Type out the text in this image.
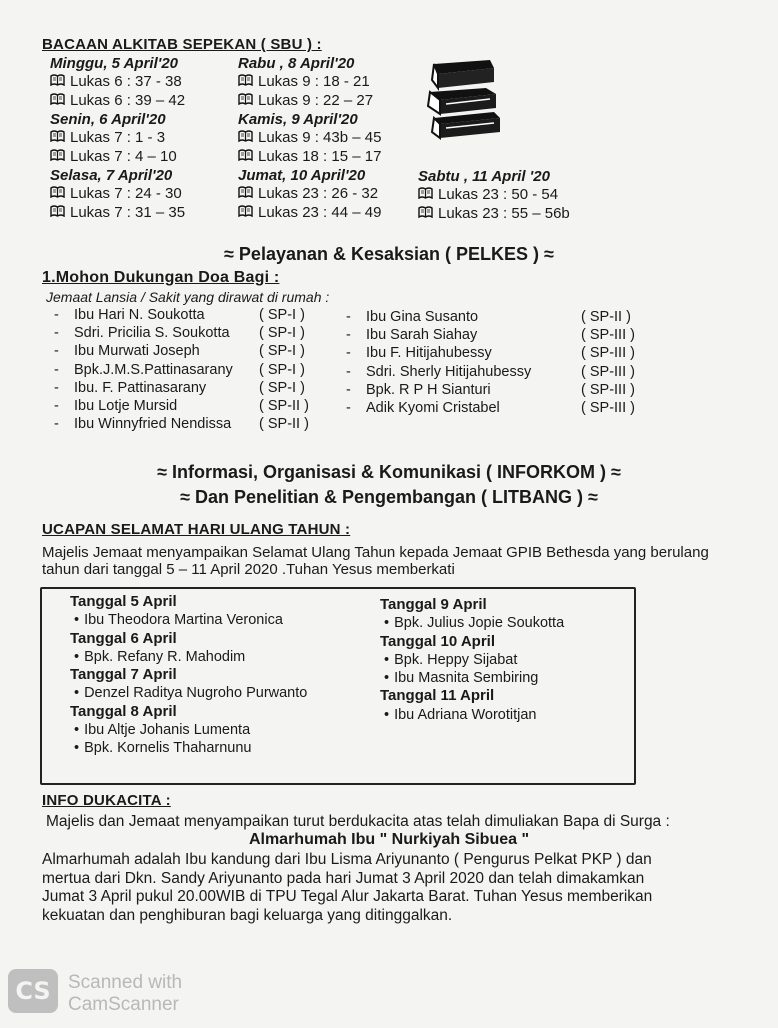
BACAAN ALKITAB SEPEKAN ( SBU ) :
Minggu, 5 April'20
Lukas 6 : 37 - 38
Lukas 6 : 39 – 42
Senin, 6 April'20
Lukas 7 : 1 - 3
Lukas 7 : 4 – 10
Selasa, 7 April'20
Lukas 7 : 24 - 30
Lukas 7 : 31 – 35
Rabu , 8 April'20
Lukas 9 : 18 - 21
Lukas 9 : 22 – 27
Kamis, 9 April'20
Lukas 9 : 43b – 45
Lukas 18 : 15 – 17
Jumat, 10 April'20
Lukas 23 : 26 - 32
Lukas 23 : 44 – 49
Sabtu , 11 April '20
Lukas 23 : 50 - 54
Lukas 23 : 55 – 56b
≈ Pelayanan & Kesaksian ( PELKES ) ≈
1.Mohon Dukungan Doa Bagi :
Jemaat Lansia / Sakit yang dirawat di rumah :
-	Ibu Hari N. Soukotta	( SP-I )
-	Sdri. Pricilia S. Soukotta	( SP-I )
-	Ibu Murwati Joseph	( SP-I )
-	Bpk.J.M.S.Pattinasarany	( SP-I )
-	Ibu. F. Pattinasarany	( SP-I )
-	Ibu Lotje Mursid	( SP-II )
-	Ibu Winnyfried Nendissa	( SP-II )
-	Ibu Gina Susanto	( SP-II )
-	Ibu Sarah Siahay	( SP-III )
-	Ibu F. Hitijahubessy	( SP-III )
-	Sdri. Sherly Hitijahubessy	( SP-III )
-	Bpk. R P H Sianturi	( SP-III )
-	Adik Kyomi Cristabel	( SP-III )
≈ Informasi, Organisasi & Komunikasi ( INFORKOM ) ≈
≈ Dan Penelitian & Pengembangan ( LITBANG ) ≈
UCAPAN SELAMAT HARI ULANG TAHUN :
Majelis Jemaat menyampaikan Selamat Ulang Tahun kepada Jemaat GPIB Bethesda yang berulang
tahun dari tanggal 5 – 11 April 2020 .Tuhan Yesus memberkati
Tanggal 5 April
• Ibu Theodora Martina Veronica
Tanggal 6 April
• Bpk. Refany R. Mahodim
Tanggal 7 April
• Denzel Raditya Nugroho Purwanto
Tanggal 8 April
• Ibu Altje Johanis Lumenta
• Bpk. Kornelis Thaharnunu
Tanggal 9 April
• Bpk. Julius Jopie Soukotta
Tanggal 10 April
• Bpk. Heppy Sijabat
• Ibu Masnita Sembiring
Tanggal 11 April
• Ibu Adriana Worotitjan
INFO DUKACITA :
Majelis dan Jemaat menyampaikan turut berdukacita atas telah dimuliakan Bapa di Surga :
Almarhumah Ibu " Nurkiyah Sibuea "
Almarhumah adalah Ibu kandung dari Ibu Lisma Ariyunanto ( Pengurus Pelkat PKP ) dan
mertua dari Dkn. Sandy Ariyunanto pada hari Jumat 3 April 2020 dan telah dimakamkan
Jumat 3 April pukul 20.00WIB di TPU Tegal Alur Jakarta Barat. Tuhan Yesus memberikan
kekuatan dan penghiburan bagi keluarga yang ditinggalkan.
CS Scanned with
CamScanner
